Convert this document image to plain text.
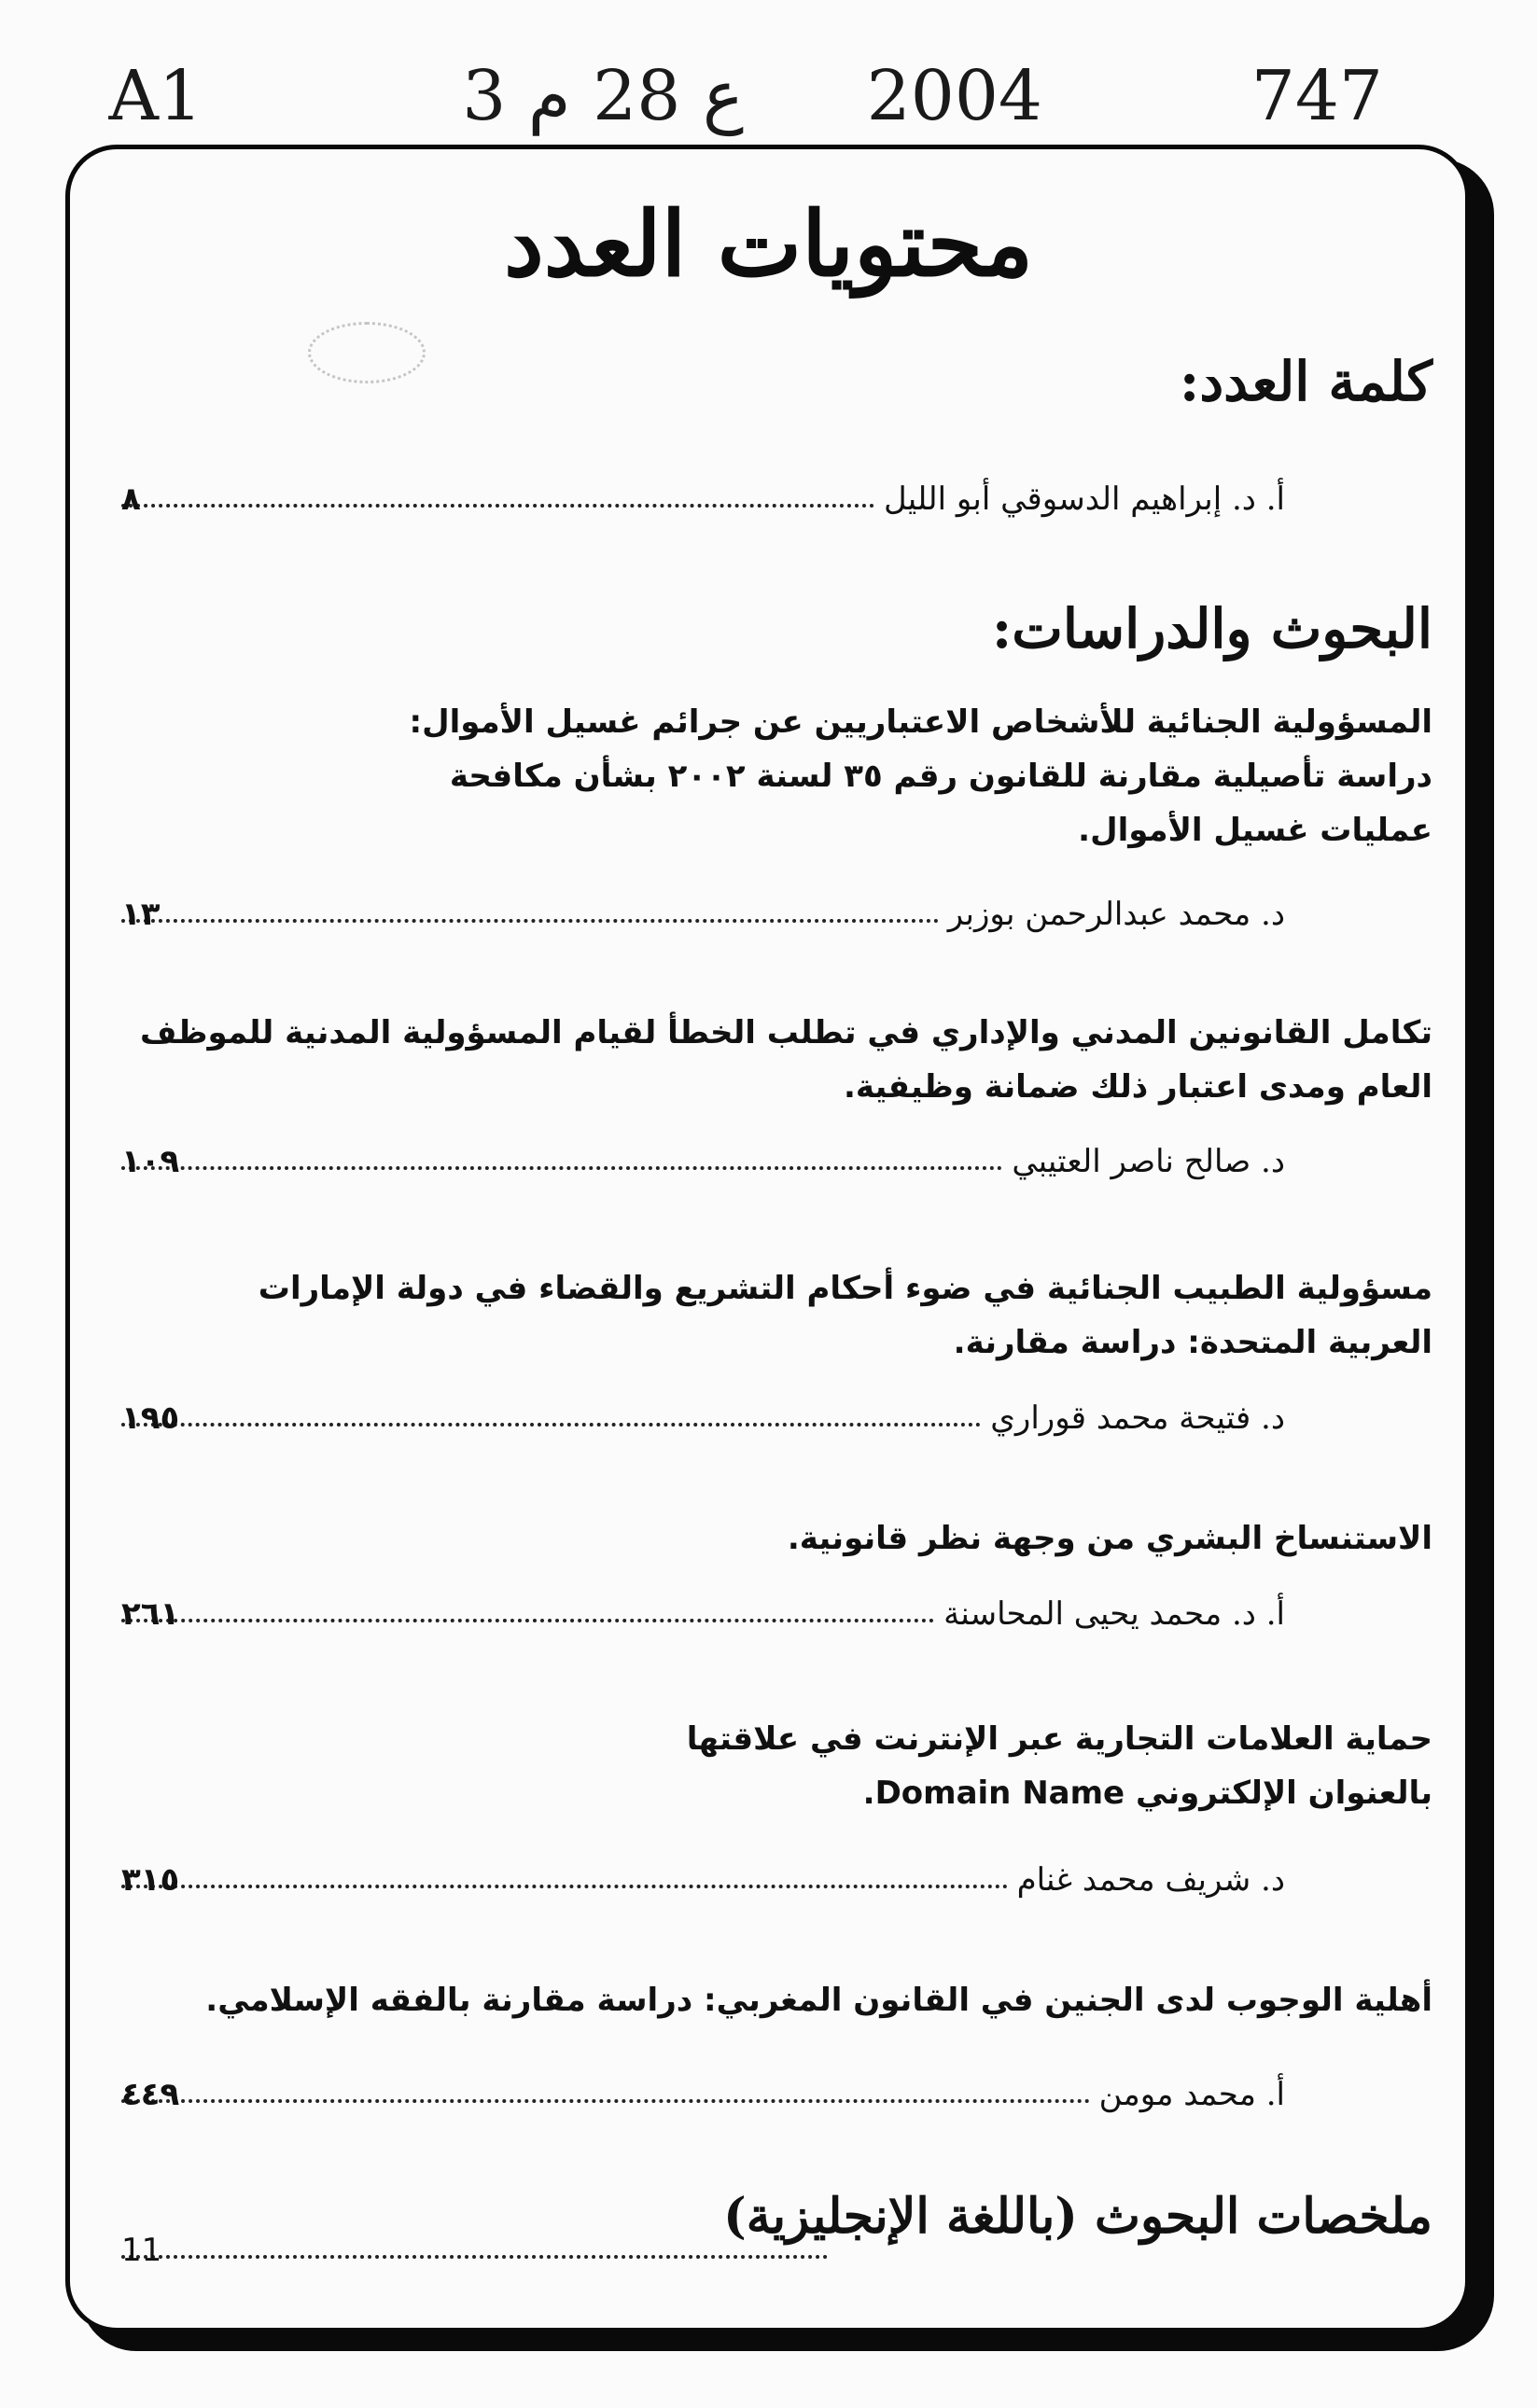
A1	3 ع 28 م 2004	747
محتويات العدد
كلمة العدد:
أ. د. إبراهيم الدسوقي أبو الليل
٨
البحوث والدراسات:
المسؤولية الجنائية للأشخاص الاعتباريين عن جرائم غسيل الأموال:
دراسة تأصيلية مقارنة للقانون رقم ٣٥ لسنة ٢٠٠٢ بشأن مكافحة
عمليات غسيل الأموال.
د. محمد عبدالرحمن بوزبر
١٣
تكامل القانونين المدني والإداري في تطلب الخطأ لقيام المسؤولية المدنية للموظف
العام ومدى اعتبار ذلك ضمانة وظيفية.
د. صالح ناصر العتيبي
١٠٩
مسؤولية الطبيب الجنائية في ضوء أحكام التشريع والقضاء في دولة الإمارات
العربية المتحدة: دراسة مقارنة.
د. فتيحة محمد قوراري
١٩٥
الاستنساخ البشري من وجهة نظر قانونية.
أ. د. محمد يحيى المحاسنة
٢٦١
حماية العلامات التجارية عبر الإنترنت في علاقتها
بالعنوان الإلكتروني Domain Name.
د. شريف محمد غنام
٣١٥
أهلية الوجوب لدى الجنين في القانون المغربي: دراسة مقارنة بالفقه الإسلامي.
أ. محمد مومن
٤٤٩
ملخصات البحوث (باللغة الإنجليزية)
11
